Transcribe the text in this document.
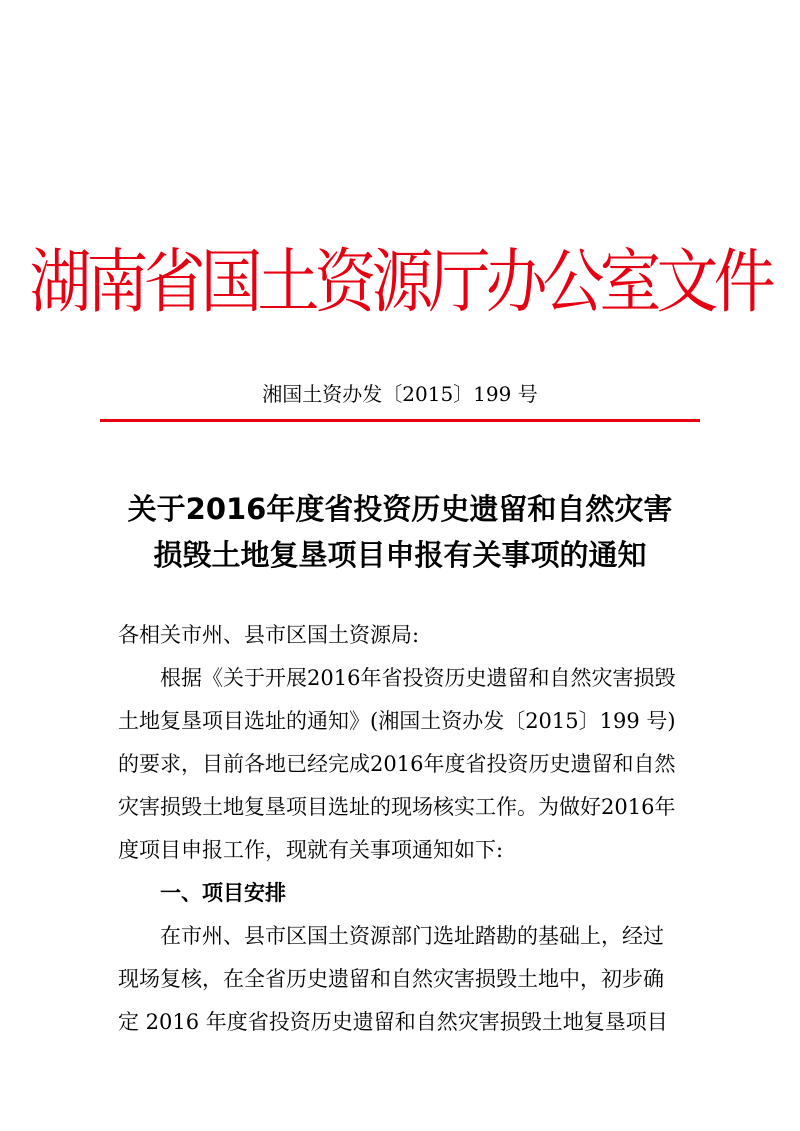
湖南省国土资源厅办公室文件
湘国土资办发〔2015〕199 号
关于2016年度省投资历史遗留和自然灾害
损毁土地复垦项目申报有关事项的通知

各相关市州、县市区国土资源局:

根据《关于开展2016年省投资历史遗留和自然灾害损毁

土地复垦项目选址的通知》(湘国土资办发〔2015〕199 号)

的要求，目前各地已经完成2016年度省投资历史遗留和自然

灾害损毁土地复垦项目选址的现场核实工作。为做好2016年

度项目申报工作，现就有关事项通知如下:

一、项目安排

在市州、县市区国土资源部门选址踏勘的基础上，经过

现场复核，在全省历史遗留和自然灾害损毁土地中，初步确

定 2016 年度省投资历史遗留和自然灾害损毁土地复垦项目
